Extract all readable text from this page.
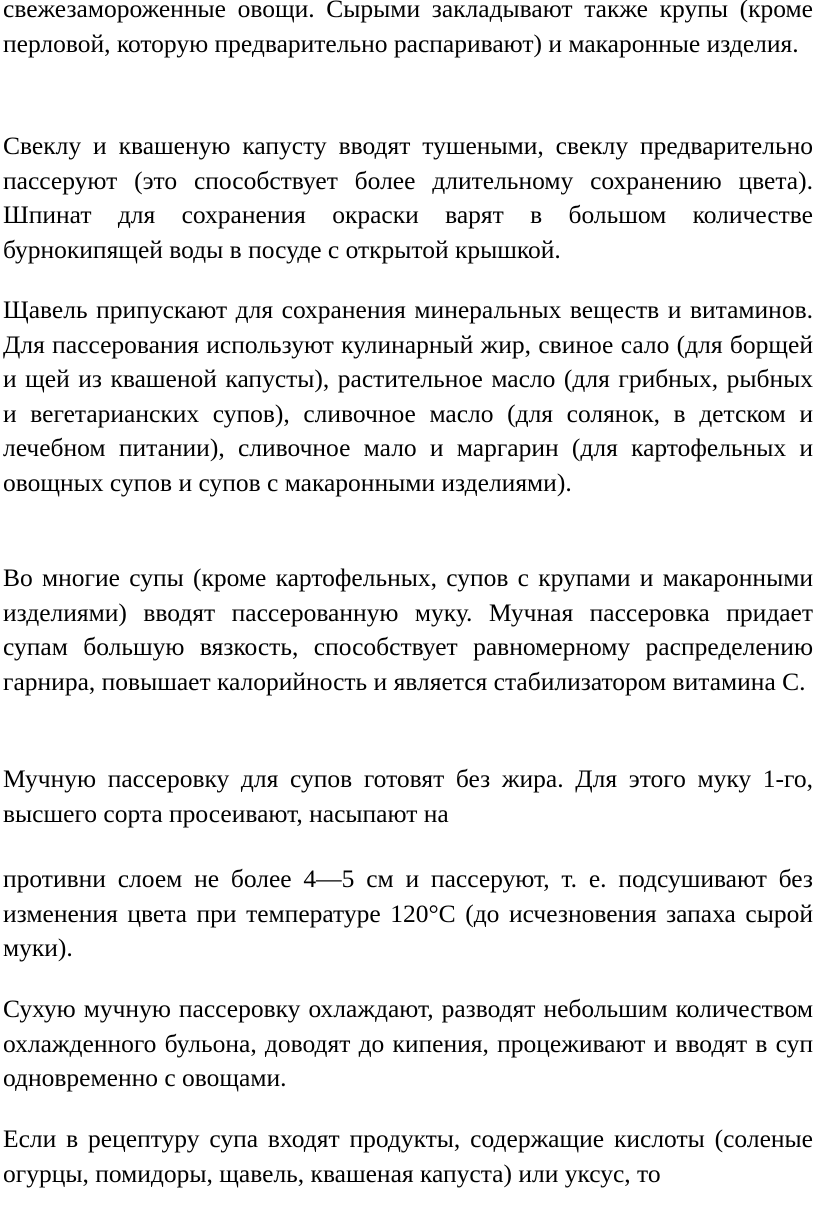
свежезамороженные овощи. Сырыми закладывают также крупы (кроме перловой, которую предварительно распаривают) и макаронные изделия.

Свеклу и квашеную капусту вводят тушеными, свеклу предварительно пассеруют (это способствует более длительному сохранению цвета). Шпинат для сохранения окраски варят в большом количестве бурнокипящей воды в посуде с открытой крышкой.

Щавель припускают для сохранения минеральных веществ и витаминов. Для пассерования используют кулинарный жир, свиное сало (для борщей и щей из квашеной капусты), растительное масло (для грибных, рыбных и вегетарианских супов), сливочное масло (для солянок, в детском и лечебном питании), сливочное мало и маргарин (для картофельных и овощных супов и супов с макаронными изделиями).

Во многие супы (кроме картофельных, супов с крупами и макаронными изделиями) вводят пассерованную муку. Мучная пассеровка придает супам большую вязкость, способствует равномерному распределению гарнира, повышает калорийность и является стабилизатором витамина С.

Мучную пассеровку для супов готовят без жира. Для этого муку 1-го, высшего сорта просеивают, насыпают на

противни слоем не более 4—5 см и пассеруют, т. е. подсушивают без изменения цвета при температуре 120°С (до исчезновения запаха сырой муки).

Сухую мучную пассеровку охлаждают, разводят небольшим количеством охлажденного бульона, доводят до кипения, процеживают и вводят в суп одновременно с овощами.

Если в рецептуру супа входят продукты, содержащие кислоты (соленые огурцы, помидоры, щавель, квашеная капуста) или уксус, то
